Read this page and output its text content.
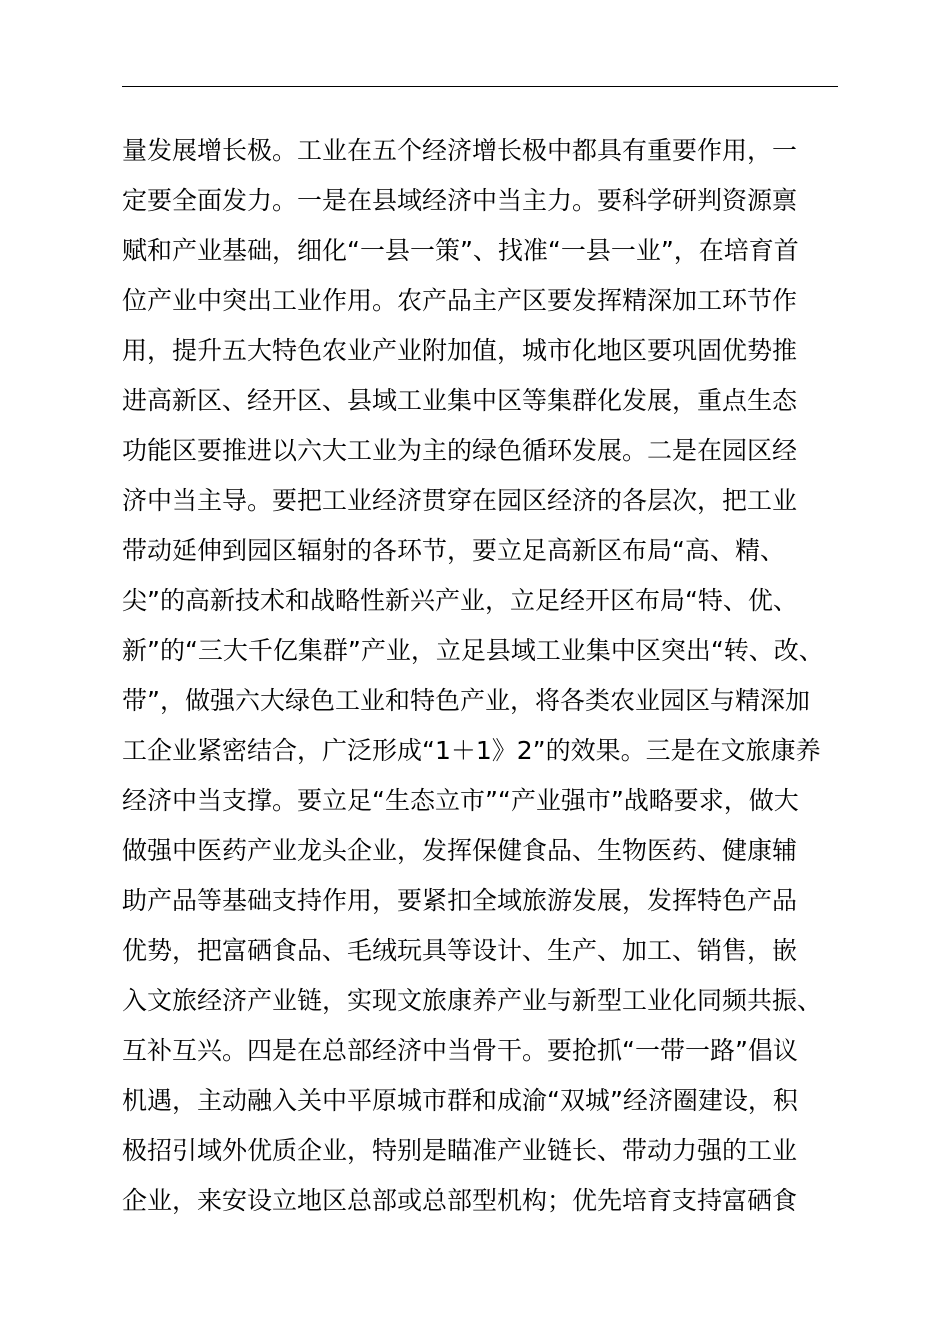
量发展增长极。工业在五个经济增长极中都具有重要作用，一
定要全面发力。一是在县域经济中当主力。要科学研判资源禀
赋和产业基础，细化“一县一策”、找准“一县一业”，在培育首
位产业中突出工业作用。农产品主产区要发挥精深加工环节作
用，提升五大特色农业产业附加值，城市化地区要巩固优势推
进高新区、经开区、县域工业集中区等集群化发展，重点生态
功能区要推进以六大工业为主的绿色循环发展。二是在园区经
济中当主导。要把工业经济贯穿在园区经济的各层次，把工业
带动延伸到园区辐射的各环节，要立足高新区布局“高、精、
尖”的高新技术和战略性新兴产业，立足经开区布局“特、优、
新”的“三大千亿集群”产业，立足县域工业集中区突出“转、改、
带”，做强六大绿色工业和特色产业，将各类农业园区与精深加
工企业紧密结合，广泛形成“1＋1》2”的效果。三是在文旅康养
经济中当支撑。要立足“生态立市”“产业强市”战略要求，做大
做强中医药产业龙头企业，发挥保健食品、生物医药、健康辅
助产品等基础支持作用，要紧扣全域旅游发展，发挥特色产品
优势，把富硒食品、毛绒玩具等设计、生产、加工、销售，嵌
入文旅经济产业链，实现文旅康养产业与新型工业化同频共振、
互补互兴。四是在总部经济中当骨干。要抢抓“一带一路”倡议
机遇，主动融入关中平原城市群和成渝“双城”经济圈建设，积
极招引域外优质企业，特别是瞄准产业链长、带动力强的工业
企业，来安设立地区总部或总部型机构；优先培育支持富硒食
